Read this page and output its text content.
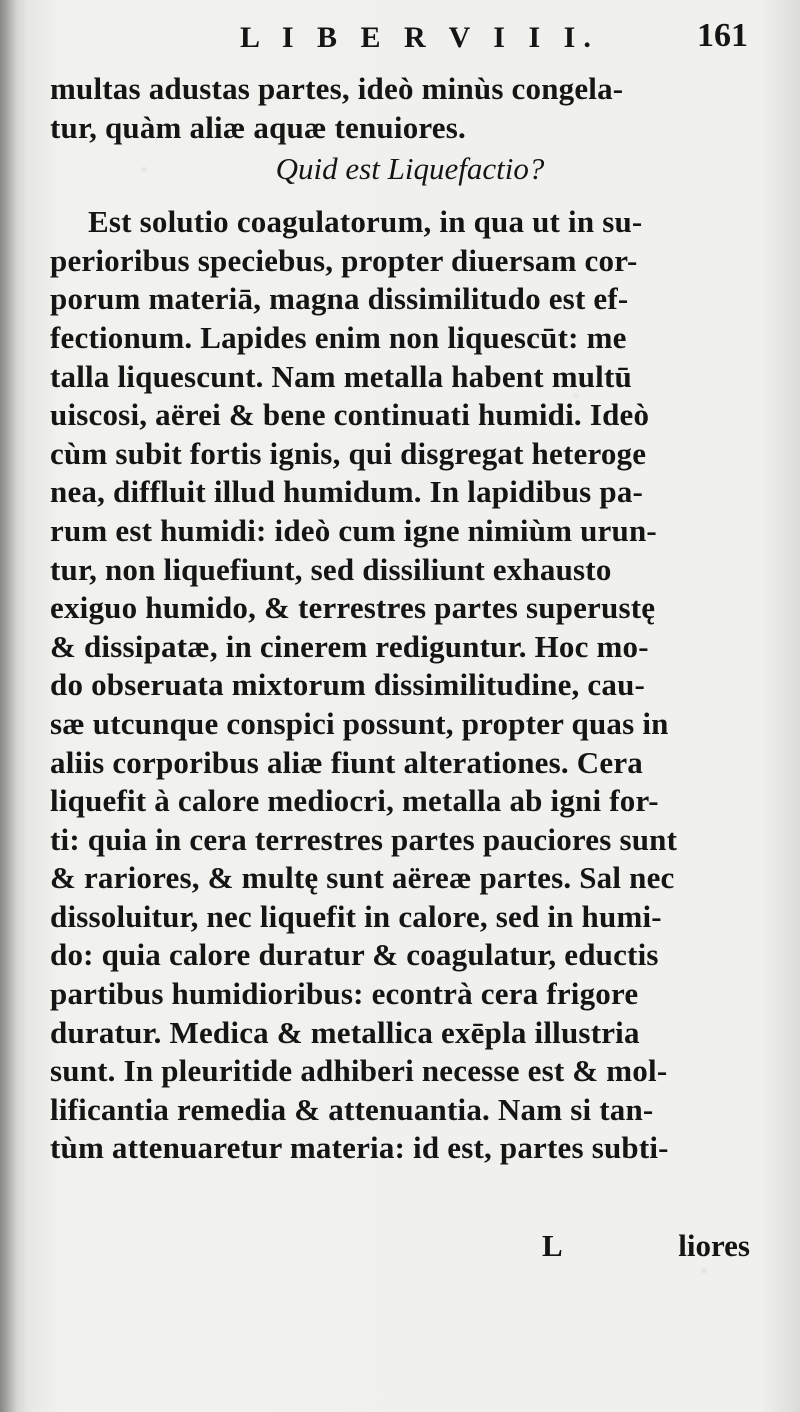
L I B E R V I I I.	161
multas adustas partes, ideò minùs congela-
tur, quàm aliæ aquæ tenuiores.
Quid est Liquefactio?
Est solutio coagulatorum, in qua ut in su-
perioribus speciebus, propter diuersam cor-
porum materiā, magna dissimilitudo est ef-
fectionum. Lapides enim non liquescūt: me
talla liquescunt. Nam metalla habent multū
uiscosi, aërei & bene continuati humidi. Ideò
cùm subit fortis ignis, qui disgregat heteroge
nea, diffluit illud humidum. In lapidibus pa-
rum est humidi: ideò cum igne nimiùm urun-
tur, non liquefiunt, sed dissiliunt exhausto
exiguo humido, & terrestres partes superustę
& dissipatæ, in cinerem rediguntur. Hoc mo-
do obseruata mixtorum dissimilitudine, cau-
sæ utcunque conspici possunt, propter quas in
aliis corporibus aliæ fiunt alterationes. Cera
liquefit à calore mediocri, metalla ab igni for-
ti: quia in cera terrestres partes pauciores sunt
& rariores, & multę sunt aëreæ partes. Sal nec
dissoluitur, nec liquefit in calore, sed in humi-
do: quia calore duratur & coagulatur, eductis
partibus humidioribus: econtrà cera frigore
duratur. Medica & metallica exēpla illustria
sunt. In pleuritide adhiberi necesse est & mol-
lificantia remedia & attenuantia. Nam si tan-
tùm attenuaretur materia: id est, partes subti-
L	liores
